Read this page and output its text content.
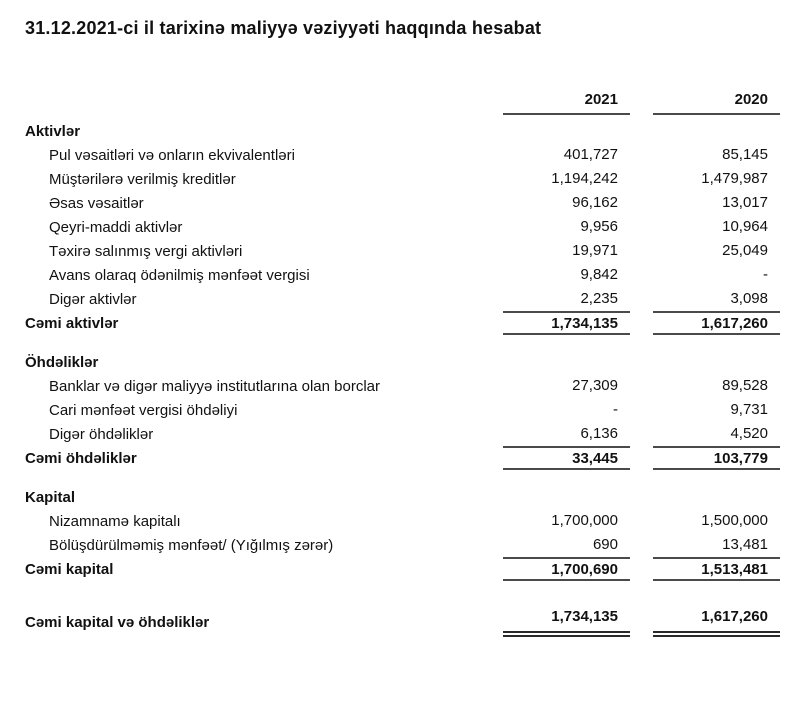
31.12.2021-ci il tarixinə maliyyə vəziyyəti haqqında hesabat
2021	2020
Aktivlər
Pul vəsaitləri və onların ekvivalentləri	401,727	85,145
Müştərilərə verilmiş kreditlər	1,194,242	1,479,987
Əsas vəsaitlər	96,162	13,017
Qeyri-maddi aktivlər	9,956	10,964
Təxirə salınmış vergi aktivləri	19,971	25,049
Avans olaraq ödənilmiş mənfəət vergisi	9,842	-
Digər aktivlər	2,235	3,098
Cəmi aktivlər	1,734,135	1,617,260
Öhdəliklər
Banklar və digər maliyyə institutlarına olan borclar	27,309	89,528
Cari mənfəət vergisi öhdəliyi	-	9,731
Digər öhdəliklər	6,136	4,520
Cəmi öhdəliklər	33,445	103,779
Kapital
Nizamnamə kapitalı	1,700,000	1,500,000
Bölüşdürülməmiş mənfəət/ (Yığılmış zərər)	690	13,481
Cəmi kapital	1,700,690	1,513,481
Cəmi kapital və öhdəliklər	1,734,135	1,617,260
